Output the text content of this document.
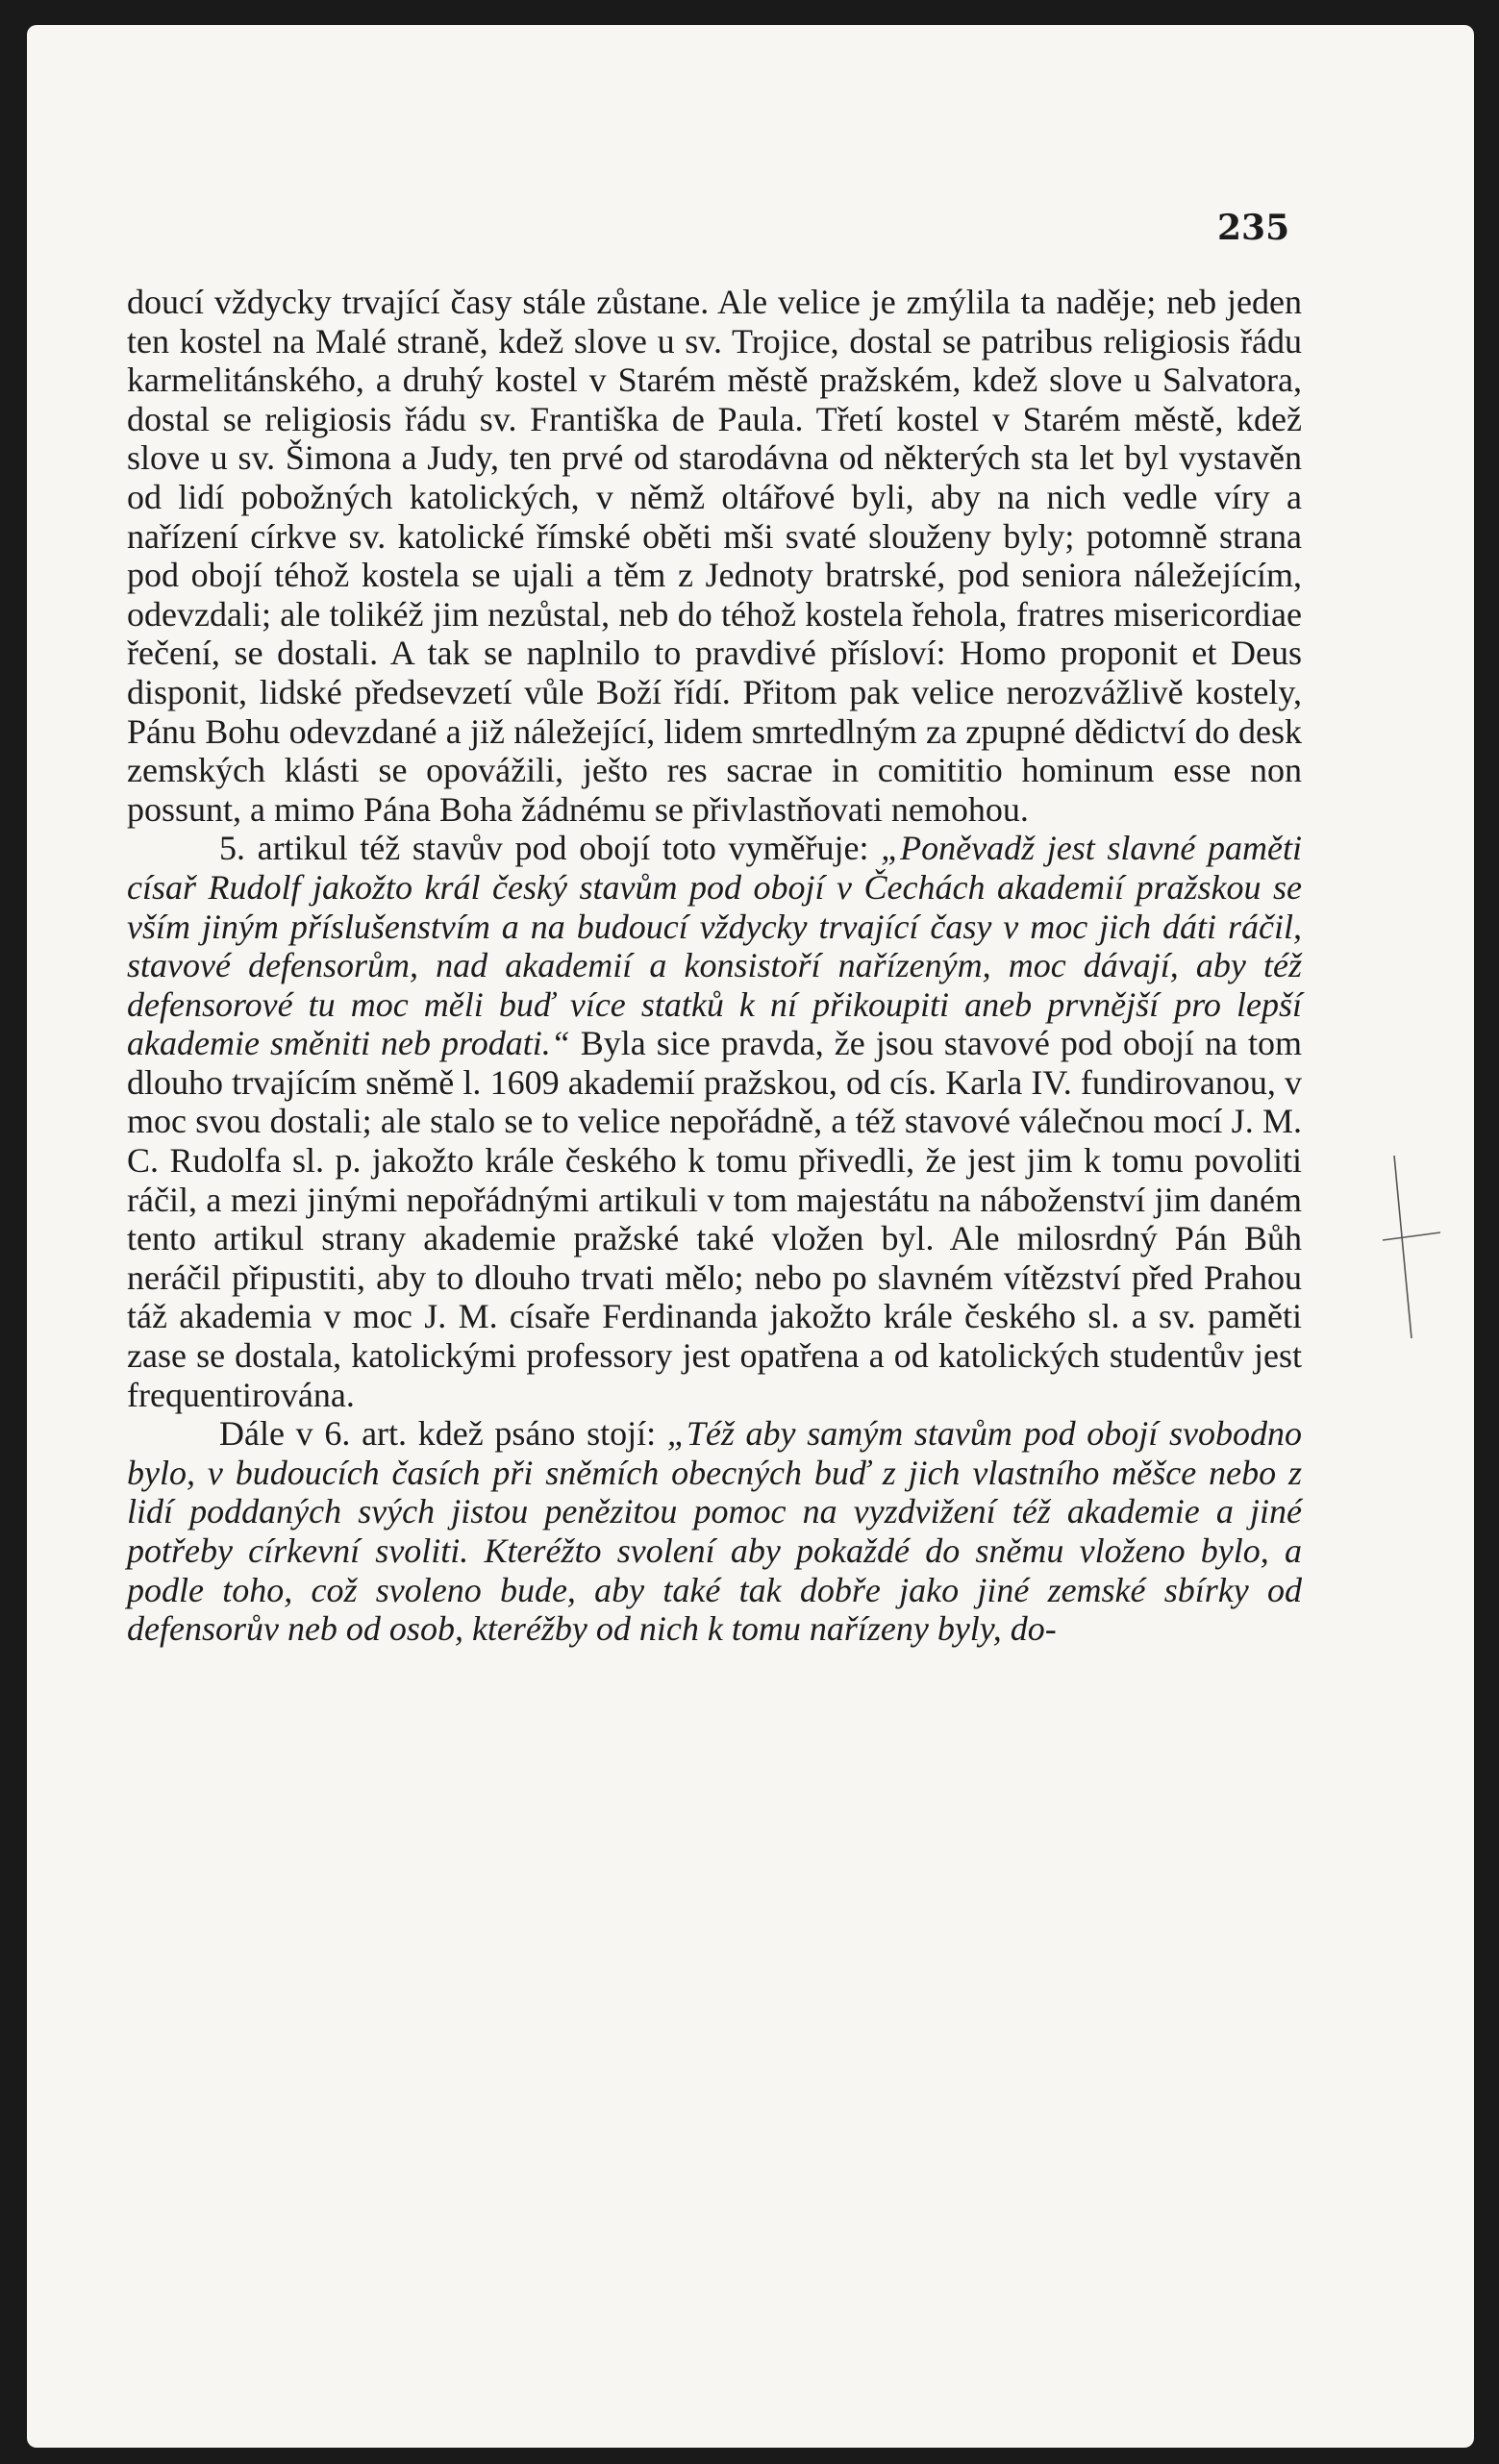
235

doucí vždycky trvající časy stále zůstane. Ale velice je zmýlila ta naděje; neb jeden ten kostel na Malé straně, kdež slove u sv. Trojice, dostal se patribus religiosis řádu karmelitánského, a druhý kostel v Starém městě pražském, kdež slove u Salvatora, dostal se religiosis řádu sv. Františka de Paula. Třetí kostel v Starém městě, kdež slove u sv. Šimona a Judy, ten prvé od starodávna od některých sta let byl vystavěn od lidí pobožných katolických, v němž oltářové byli, aby na nich vedle víry a nařízení církve sv. katolické římské oběti mši svaté slouženy byly; potomně strana pod obojí téhož kostela se ujali a těm z Jednoty bratrské, pod seniora náležejícím, odevzdali; ale tolikéž jim nezůstal, neb do téhož kostela řehola, fratres misericordiae řečení, se dostali. A tak se naplnilo to pravdivé přísloví: Homo proponit et Deus disponit, lidské předsevzetí vůle Boží řídí. Přitom pak velice nerozvážlivě kostely, Pánu Bohu odevzdané a již náležející, lidem smrtedlným za zpupné dědictví do desk zemských klásti se opovážili, ješto res sacrae in comititio hominum esse non possunt, a mimo Pána Boha žádnému se přivlastňovati nemohou.

5. artikul též stavův pod obojí toto vyměřuje: „Poněvadž jest slavné paměti císař Rudolf jakožto král český stavům pod obojí v Čechách akademií pražskou se vším jiným příslušenstvím a na budoucí vždycky trvající časy v moc jich dáti ráčil, stavové defensorům, nad akademií a konsistoří nařízeným, moc dávají, aby též defensorové tu moc měli buď více statků k ní přikoupiti aneb prvnější pro lepší akademie směniti neb prodati.“ Byla sice pravda, že jsou stavové pod obojí na tom dlouho trvajícím sněmě l. 1609 akademií pražskou, od cís. Karla IV. fundirovanou, v moc svou dostali; ale stalo se to velice nepořádně, a též stavové válečnou mocí J. M. C. Rudolfa sl. p. jakožto krále českého k tomu přivedli, že jest jim k tomu povoliti ráčil, a mezi jinými nepořádnými artikuli v tom majestátu na náboženství jim daném tento artikul strany akademie pražské také vložen byl. Ale milosrdný Pán Bůh neráčil připustiti, aby to dlouho trvati mělo; nebo po slavném vítězství před Prahou táž akademia v moc J. M. císaře Ferdinanda jakožto krále českého sl. a sv. paměti zase se dostala, katolickými professory jest opatřena a od katolických studentův jest frequentirována.

Dále v 6. art. kdež psáno stojí: „Též aby samým stavům pod obojí svobodno bylo, v budoucích časích při sněmích obecných buď z jich vlastního měšce nebo z lidí poddaných svých jistou penězitou pomoc na vyzdvižení též akademie a jiné potřeby církevní svoliti. Kteréžto svolení aby pokaždé do sněmu vloženo bylo, a podle toho, což svoleno bude, aby také tak dobře jako jiné zemské sbírky od defensorův neb od osob, kteréžby od nich k tomu nařízeny byly, do-
